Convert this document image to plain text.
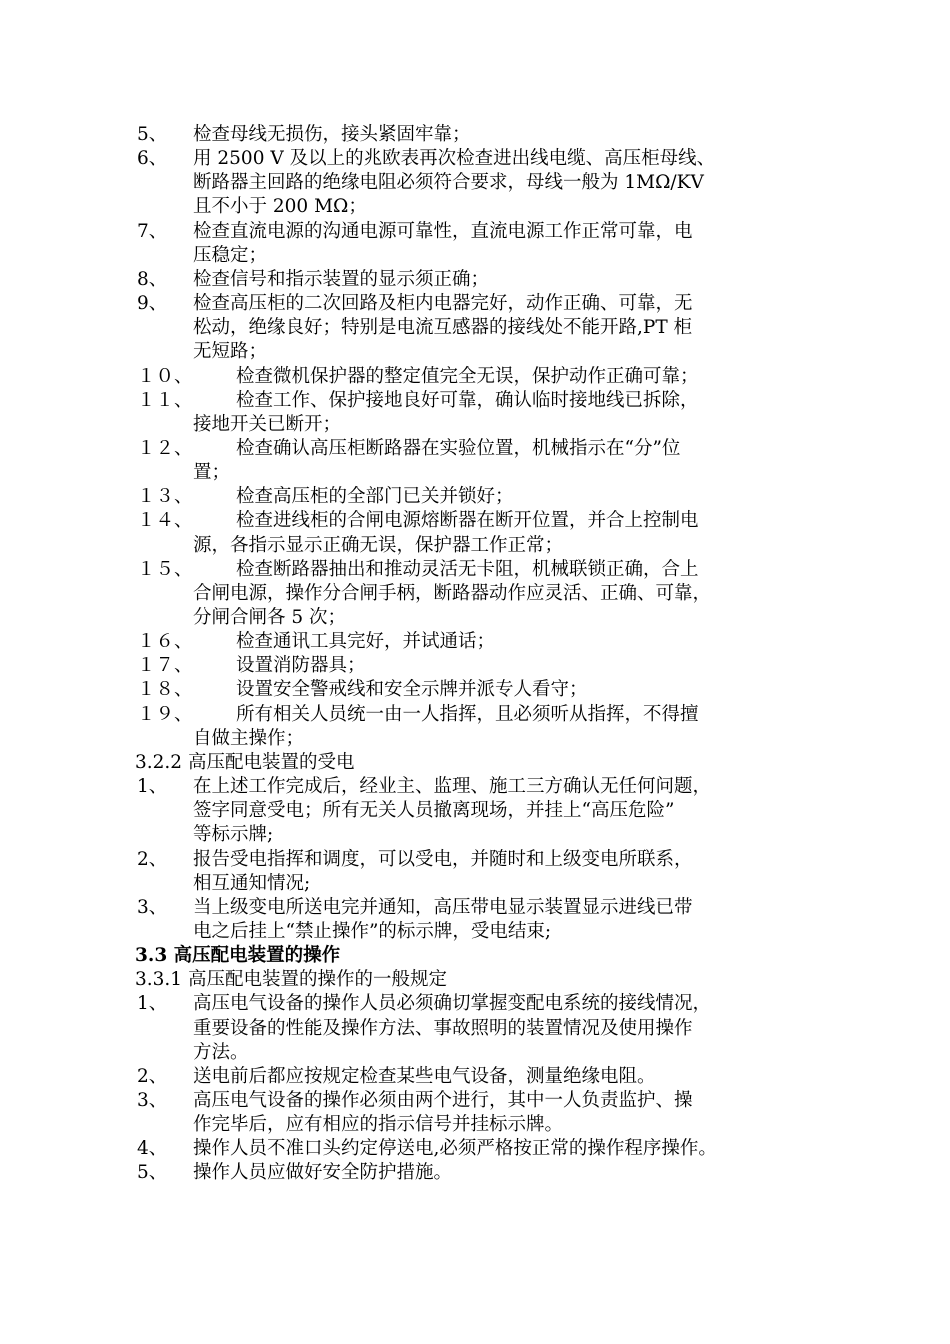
5、 检查母线无损伤，接头紧固牢靠；
6、 用 2500 V 及以上的兆欧表再次检查进出线电缆、高压柜母线、
断路器主回路的绝缘电阻必须符合要求，母线一般为 1MΩ/KV
且不小于 200 MΩ；
7、 检查直流电源的沟通电源可靠性，直流电源工作正常可靠，电
压稳定；
8、 检查信号和指示装置的显示须正确；
9、 检查高压柜的二次回路及柜内电器完好，动作正确、可靠，无
松动，绝缘良好；特别是电流互感器的接线处不能开路,PT 柜
无短路；
１０、 检查微机保护器的整定值完全无误，保护动作正确可靠；
１１、 检查工作、保护接地良好可靠，确认临时接地线已拆除，
接地开关已断开；
１２、 检查确认高压柜断路器在实验位置，机械指示在“分”位
置；
１３、 检查高压柜的全部门已关并锁好；
１４、 检查进线柜的合闸电源熔断器在断开位置，并合上控制电
源，各指示显示正确无误，保护器工作正常；
１５、 检查断路器抽出和推动灵活无卡阻，机械联锁正确，合上
合闸电源，操作分合闸手柄，断路器动作应灵活、正确、可靠，
分闸合闸各 5 次；
１６、 检查通讯工具完好，并试通话；
１７、 设置消防器具；
１８、 设置安全警戒线和安全示牌并派专人看守；
１９、 所有相关人员统一由一人指挥，且必须听从指挥，不得擅
自做主操作；
3.2.2 高压配电装置的受电
1、 在上述工作完成后，经业主、监理、施工三方确认无任何问题，
签字同意受电；所有无关人员撤离现场，并挂上“高压危险”
等标示牌;
2、 报告受电指挥和调度，可以受电，并随时和上级变电所联系，
相互通知情况;
3、 当上级变电所送电完并通知，高压带电显示装置显示进线已带
电之后挂上“禁止操作”的标示牌，受电结束;
3.3 高压配电装置的操作
3.3.1 高压配电装置的操作的一般规定
1、 高压电气设备的操作人员必须确切掌握变配电系统的接线情况，
重要设备的性能及操作方法、事故照明的装置情况及使用操作
方法。
2、 送电前后都应按规定检查某些电气设备，测量绝缘电阻。
3、 高压电气设备的操作必须由两个进行，其中一人负责监护、操
作完毕后，应有相应的指示信号并挂标示牌。
4、 操作人员不准口头约定停送电,必须严格按正常的操作程序操作。
5、 操作人员应做好安全防护措施。
